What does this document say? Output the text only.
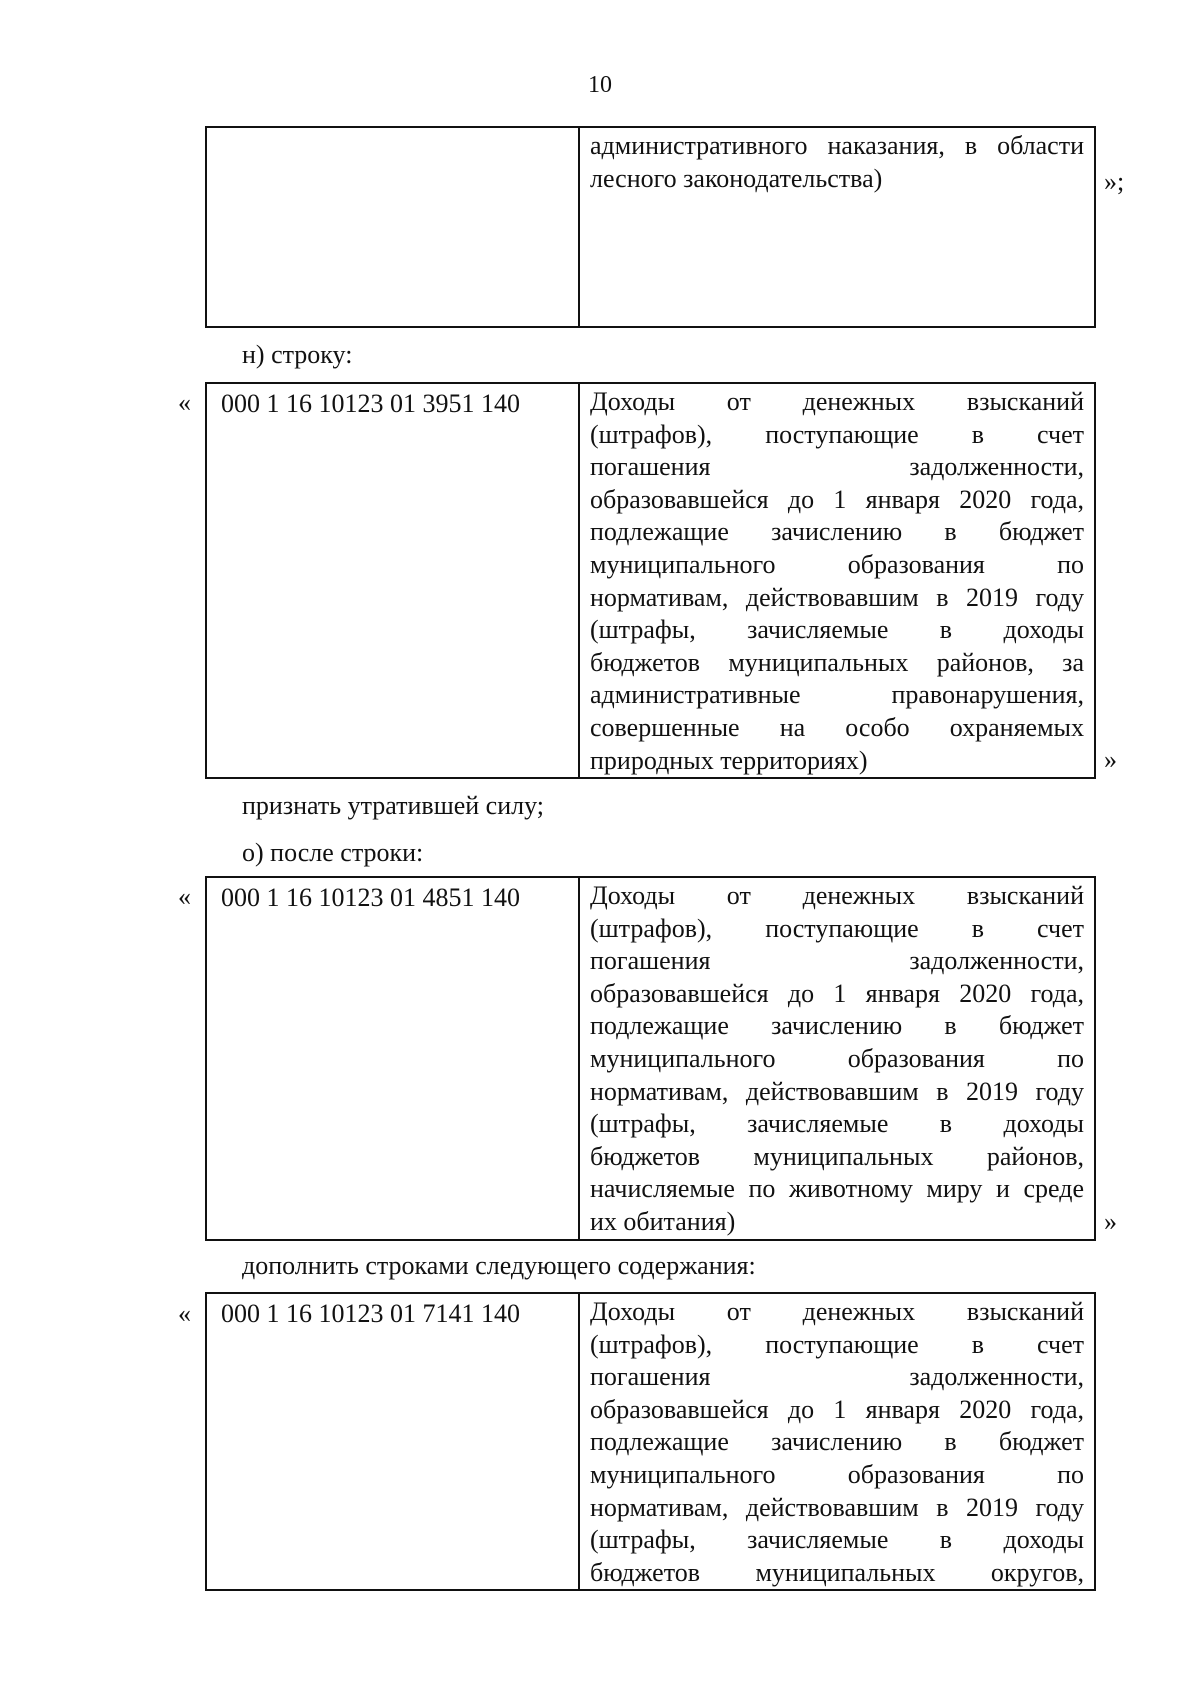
10

административного наказания, в области
лесного законодательства)	»;
н) строку:
« 000 1 16 10123 01 3951 140	Доходы от денежных взысканий
(штрафов), поступающие в счет
погашения задолженности,
образовавшейся до 1 января 2020 года,
подлежащие зачислению в бюджет
муниципального образования по
нормативам, действовавшим в 2019 году
(штрафы, зачисляемые в доходы
бюджетов муниципальных районов, за
административные правонарушения,
совершенные на особо охраняемых
природных территориях)	»
признать утратившей силу;
о) после строки:
« 000 1 16 10123 01 4851 140	Доходы от денежных взысканий
(штрафов), поступающие в счет
погашения задолженности,
образовавшейся до 1 января 2020 года,
подлежащие зачислению в бюджет
муниципального образования по
нормативам, действовавшим в 2019 году
(штрафы, зачисляемые в доходы
бюджетов муниципальных районов,
начисляемые по животному миру и среде
их обитания)	»
дополнить строками следующего содержания:
« 000 1 16 10123 01 7141 140	Доходы от денежных взысканий
(штрафов), поступающие в счет
погашения задолженности,
образовавшейся до 1 января 2020 года,
подлежащие зачислению в бюджет
муниципального образования по
нормативам, действовавшим в 2019 году
(штрафы, зачисляемые в доходы
бюджетов муниципальных округов,
